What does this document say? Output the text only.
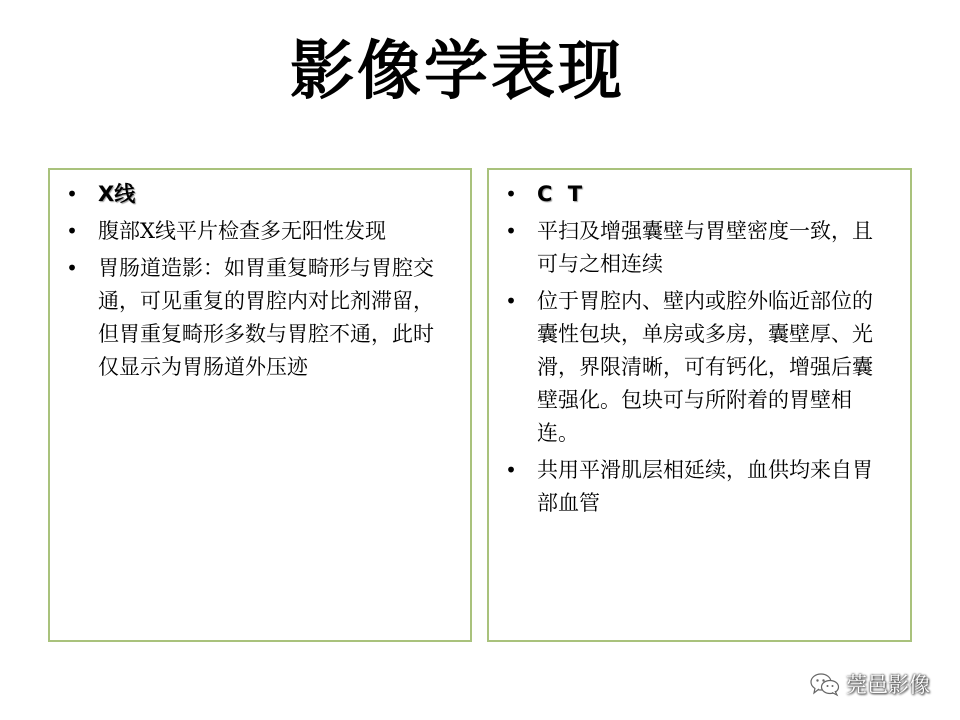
影像学表现
• X线
• 腹部X线平片检查多无阳性发现
• 胃肠道造影：如胃重复畸形与胃腔交通，可见重复的胃腔内对比剂滞留，但胃重复畸形多数与胃腔不通，此时仅显示为胃肠道外压迹
• C T
• 平扫及增强囊壁与胃壁密度一致，且可与之相连续
• 位于胃腔内、壁内或腔外临近部位的囊性包块，单房或多房，囊壁厚、光滑，界限清晰，可有钙化，增强后囊壁强化。包块可与所附着的胃壁相连。
• 共用平滑肌层相延续，血供均来自胃部血管
莞邑影像
